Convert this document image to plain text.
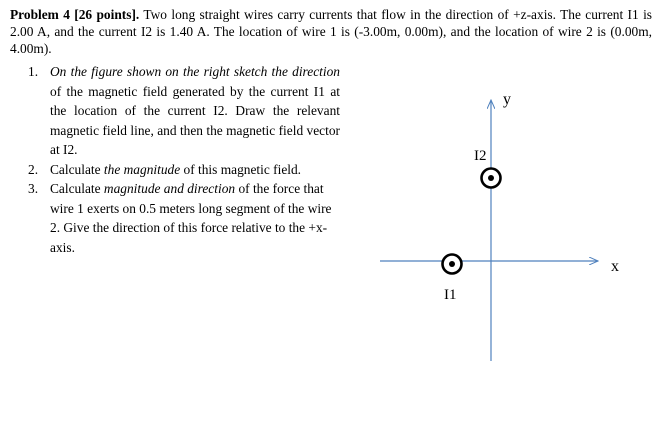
Problem 4 [26 points]. Two long straight wires carry currents that flow in the direction of +z-axis. The current I1 is 2.00 A, and the current I2 is 1.40 A. The location of wire 1 is (-3.00m, 0.00m), and the location of wire 2 is (0.00m, 4.00m).
1. On the figure shown on the right sketch the direction of the magnetic field generated by the current I1 at the location of the current I2. Draw the relevant magnetic field line, and then the magnetic field vector at I2.
2. Calculate the magnitude of this magnetic field.
3. Calculate magnitude and direction of the force that wire 1 exerts on 0.5 meters long segment of the wire 2. Give the direction of this force relative to the +x-axis.
x
y
I2
I1
